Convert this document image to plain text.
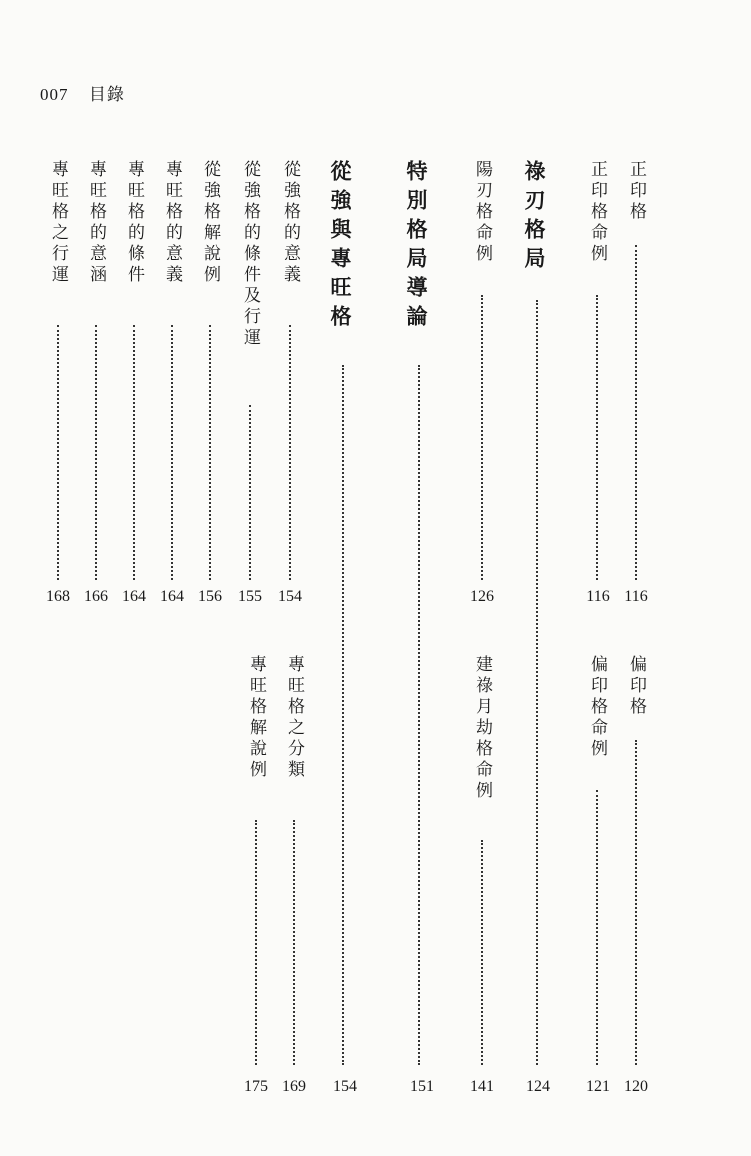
007 目錄
專旺格之行運
168
專旺格的意涵
166
專旺格的條件
164
專旺格的意義
164
從強格解說例
156
從強格的條件及行運
155
從強格的意義
154
從強與專旺格
154
特別格局導論
151
陽刃格命例
126
祿刃格局
124
正印格命例
116
正印格
116
專旺格解說例
175
專旺格之分類
169
建祿月劫格命例
141
偏印格命例
121
偏印格
120
